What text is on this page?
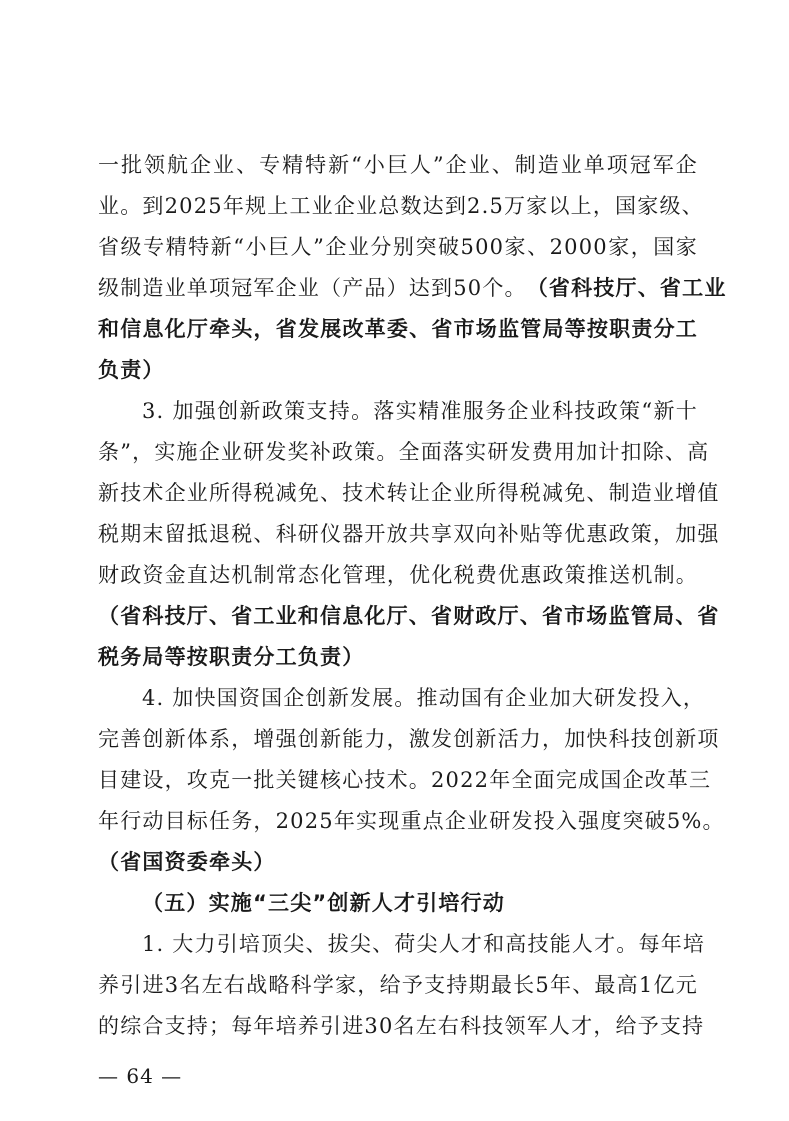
一批领航企业、专精特新“小巨人”企业、制造业单项冠军企
业。到2025年规上工业企业总数达到2.5万家以上，国家级、
省级专精特新“小巨人”企业分别突破500家、2000家，国家
级制造业单项冠军企业（产品）达到50个。 （省科技厅、省工业
和信息化厅牵头，省发展改革委、省市场监管局等按职责分工
负责）
3. 加强创新政策支持。落实精准服务企业科技政策“新十
条”，实施企业研发奖补政策。全面落实研发费用加计扣除、高
新技术企业所得税减免、技术转让企业所得税减免、制造业增值
税期末留抵退税、科研仪器开放共享双向补贴等优惠政策，加强
财政资金直达机制常态化管理，优化税费优惠政策推送机制。
（省科技厅、省工业和信息化厅、省财政厅、省市场监管局、省
税务局等按职责分工负责）
4. 加快国资国企创新发展。推动国有企业加大研发投入，
完善创新体系，增强创新能力，激发创新活力，加快科技创新项
目建设，攻克一批关键核心技术。2022年全面完成国企改革三
年行动目标任务，2025年实现重点企业研发投入强度突破5%。
（省国资委牵头）
（五）实施“三尖”创新人才引培行动
1. 大力引培顶尖、拔尖、荷尖人才和高技能人才。每年培
养引进3名左右战略科学家，给予支持期最长5年、最高1亿元
的综合支持；每年培养引进30名左右科技领军人才，给予支持
— 64 —
